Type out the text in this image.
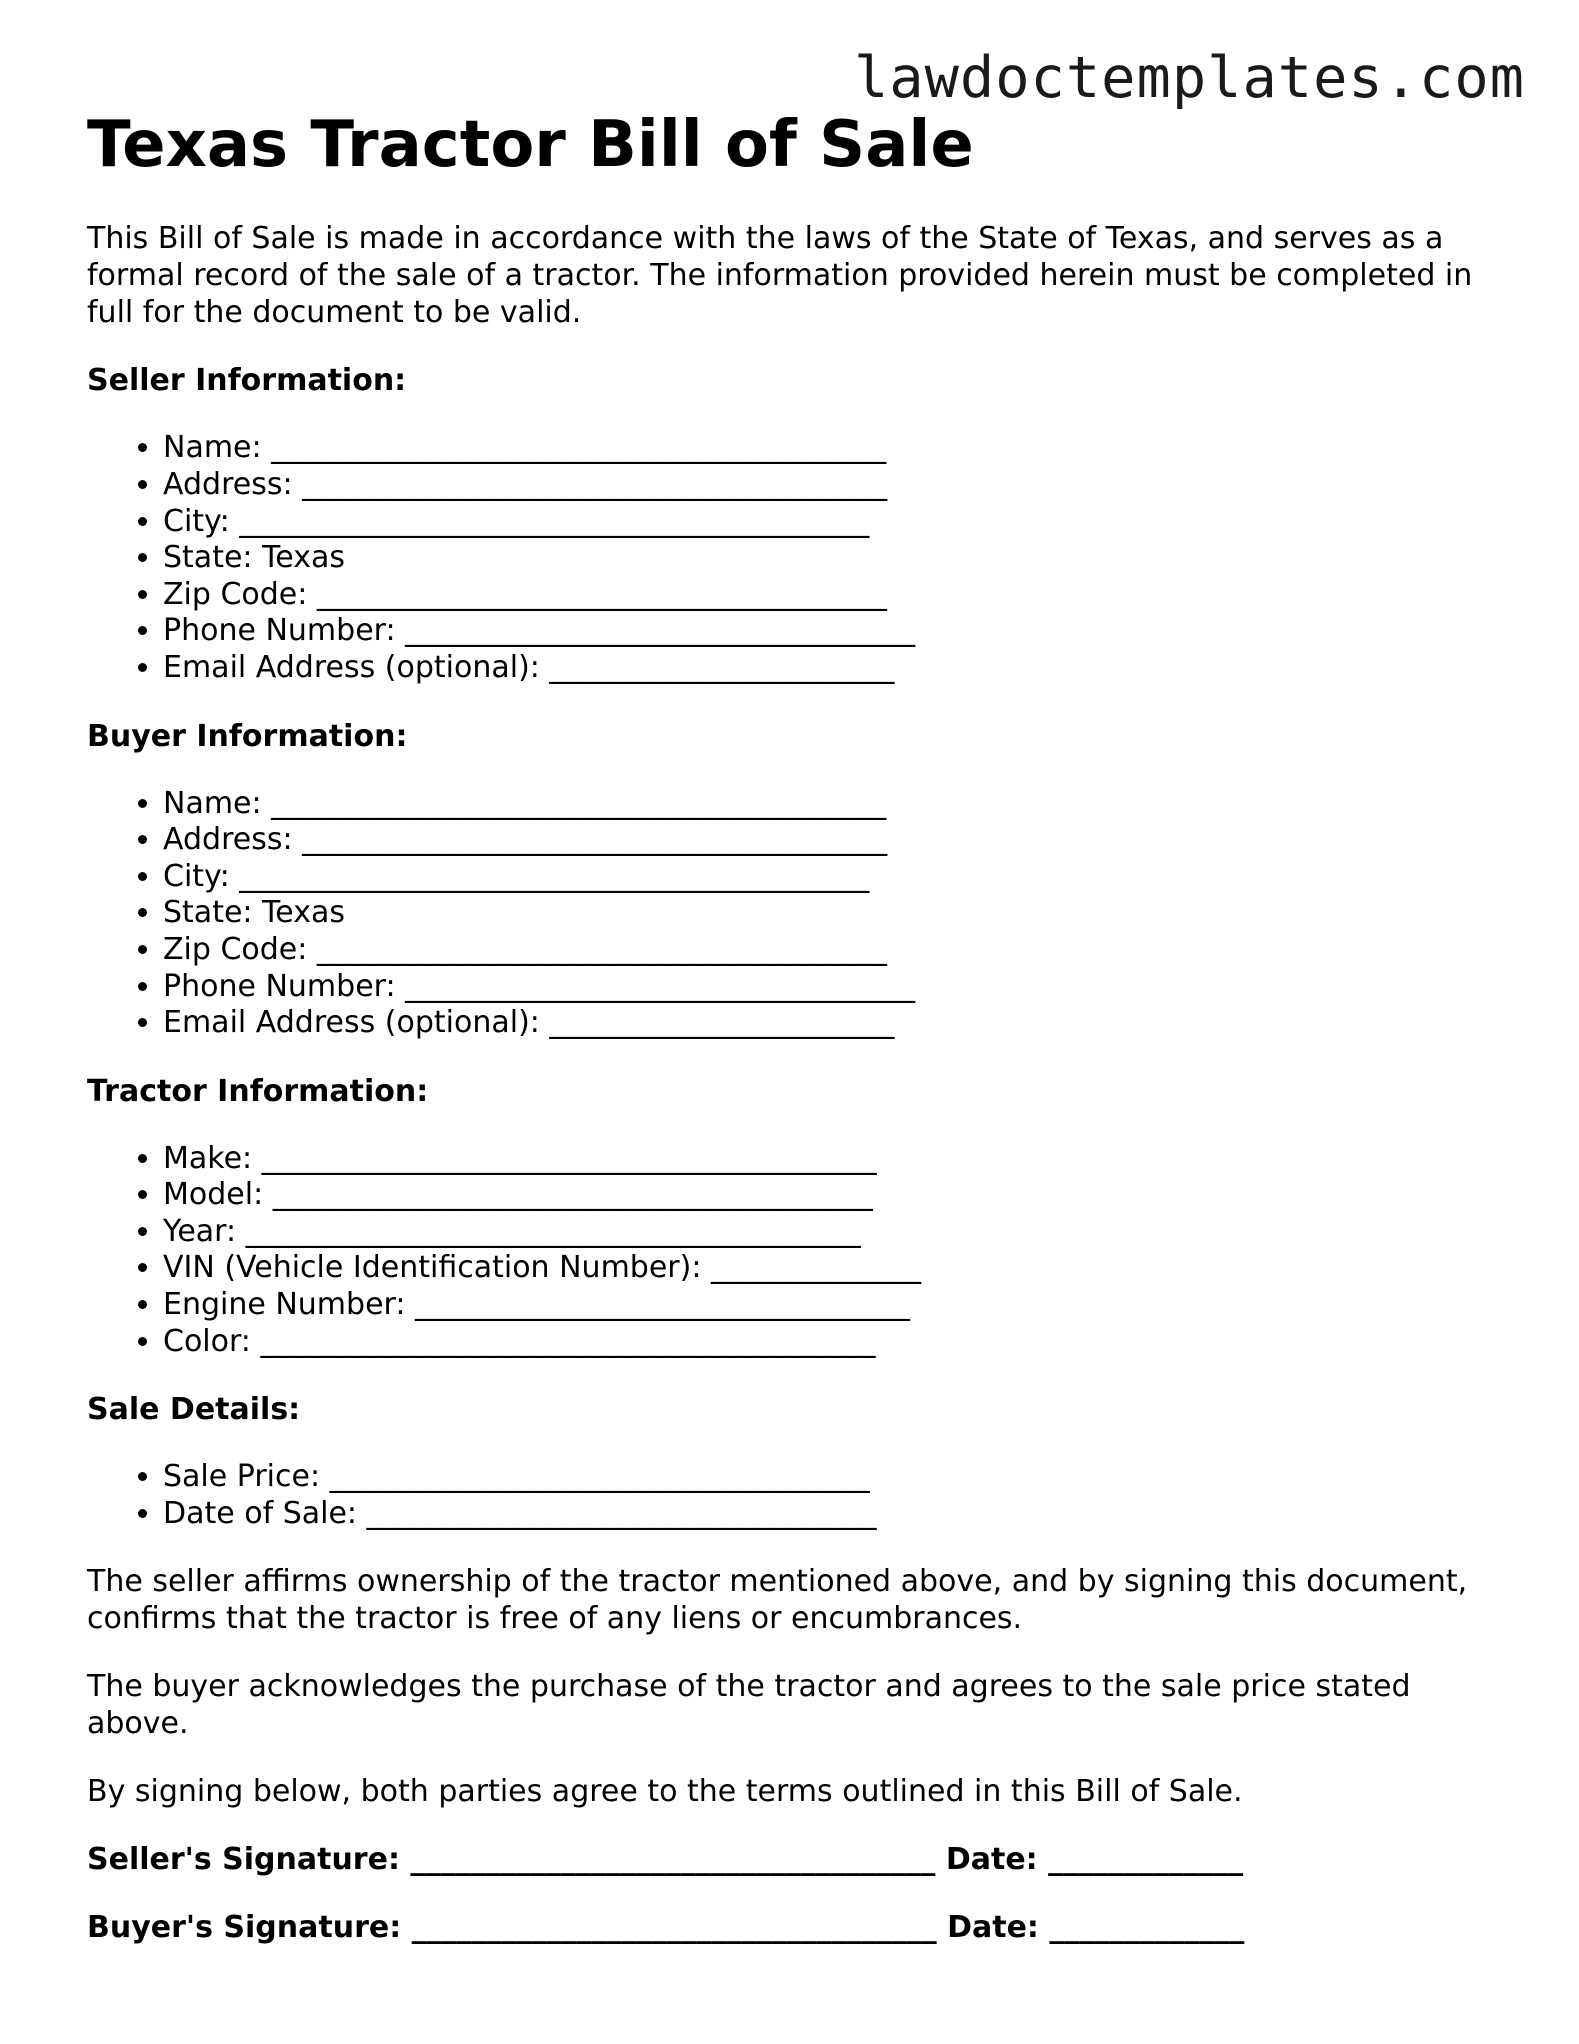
lawdoctemplates.com
Texas Tractor Bill of Sale

This Bill of Sale is made in accordance with the laws of the State of Texas, and serves as a formal record of the sale of a tractor. The information provided herein must be completed in full for the document to be valid.

Seller Information:
• Name: _________________________________________
• Address: _______________________________________
• City: __________________________________________
• State: Texas
• Zip Code: ______________________________________
• Phone Number: __________________________________
• Email Address (optional): _______________________
Buyer Information:
• Name: _________________________________________
• Address: _______________________________________
• City: __________________________________________
• State: Texas
• Zip Code: ______________________________________
• Phone Number: __________________________________
• Email Address (optional): _______________________
Tractor Information:
• Make: _________________________________________
• Model: ________________________________________
• Year: _________________________________________
• VIN (Vehicle Identification Number): ______________
• Engine Number: _________________________________
• Color: _________________________________________
Sale Details:
• Sale Price: ____________________________________
• Date of Sale: __________________________________

The seller affirms ownership of the tractor mentioned above, and by signing this document, confirms that the tractor is free of any liens or encumbrances.

The buyer acknowledges the purchase of the tractor and agrees to the sale price stated above.

By signing below, both parties agree to the terms outlined in this Bill of Sale.

Seller's Signature: ___________________________________ Date: _____________
Buyer's Signature: ___________________________________ Date: _____________
